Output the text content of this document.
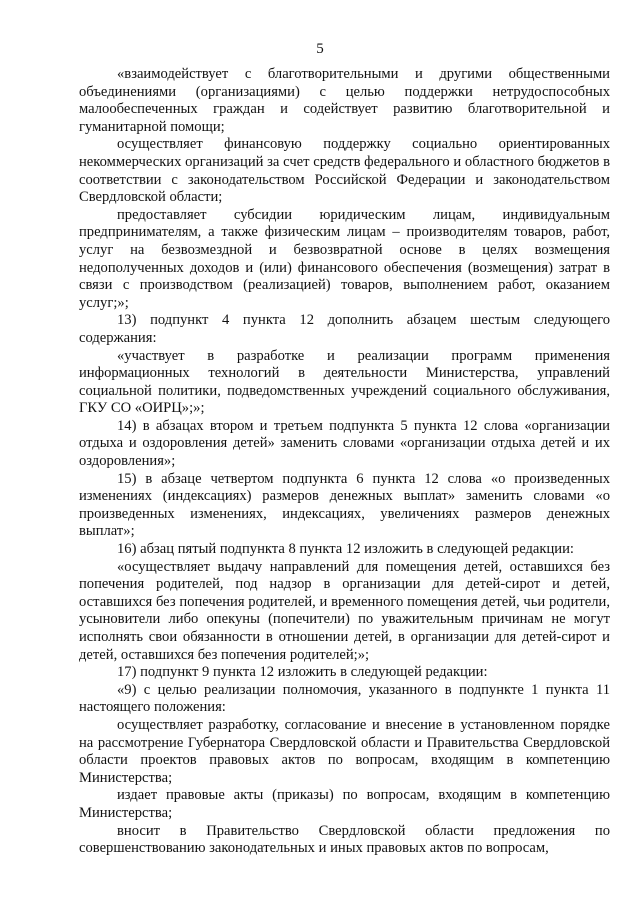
5

«взаимодействует с благотворительными и другими общественными объединениями (организациями) с целью поддержки нетрудоспособных малообеспеченных граждан и содействует развитию благотворительной и гуманитарной помощи;

осуществляет финансовую поддержку социально ориентированных некоммерческих организаций за счет средств федерального и областного бюджетов в соответствии с законодательством Российской Федерации и законодательством Свердловской области;

предоставляет субсидии юридическим лицам, индивидуальным предпринимателям, а также физическим лицам – производителям товаров, работ, услуг на безвозмездной и безвозвратной основе в целях возмещения недополученных доходов и (или) финансового обеспечения (возмещения) затрат в связи с производством (реализацией) товаров, выполнением работ, оказанием услуг;»;

13) подпункт 4 пункта 12 дополнить абзацем шестым следующего содержания:

«участвует в разработке и реализации программ применения информационных технологий в деятельности Министерства, управлений социальной политики, подведомственных учреждений социального обслуживания, ГКУ СО «ОИРЦ»;»;

14) в абзацах втором и третьем подпункта 5 пункта 12 слова «организации отдыха и оздоровления детей» заменить словами «организации отдыха детей и их оздоровления»;

15) в абзаце четвертом подпункта 6 пункта 12 слова «о произведенных изменениях (индексациях) размеров денежных выплат» заменить словами «о произведенных изменениях, индексациях, увеличениях размеров денежных выплат»;

16) абзац пятый подпункта 8 пункта 12 изложить в следующей редакции:

«осуществляет выдачу направлений для помещения детей, оставшихся без попечения родителей, под надзор в организации для детей-сирот и детей, оставшихся без попечения родителей, и временного помещения детей, чьи родители, усыновители либо опекуны (попечители) по уважительным причинам не могут исполнять свои обязанности в отношении детей, в организации для детей-сирот и детей, оставшихся без попечения родителей;»;

17) подпункт 9 пункта 12 изложить в следующей редакции:

«9) с целью реализации полномочия, указанного в подпункте 1 пункта 11 настоящего положения:

осуществляет разработку, согласование и внесение в установленном порядке на рассмотрение Губернатора Свердловской области и Правительства Свердловской области проектов правовых актов по вопросам, входящим в компетенцию Министерства;

издает правовые акты (приказы) по вопросам, входящим в компетенцию Министерства;

вносит в Правительство Свердловской области предложения по совершенствованию законодательных и иных правовых актов по вопросам,
